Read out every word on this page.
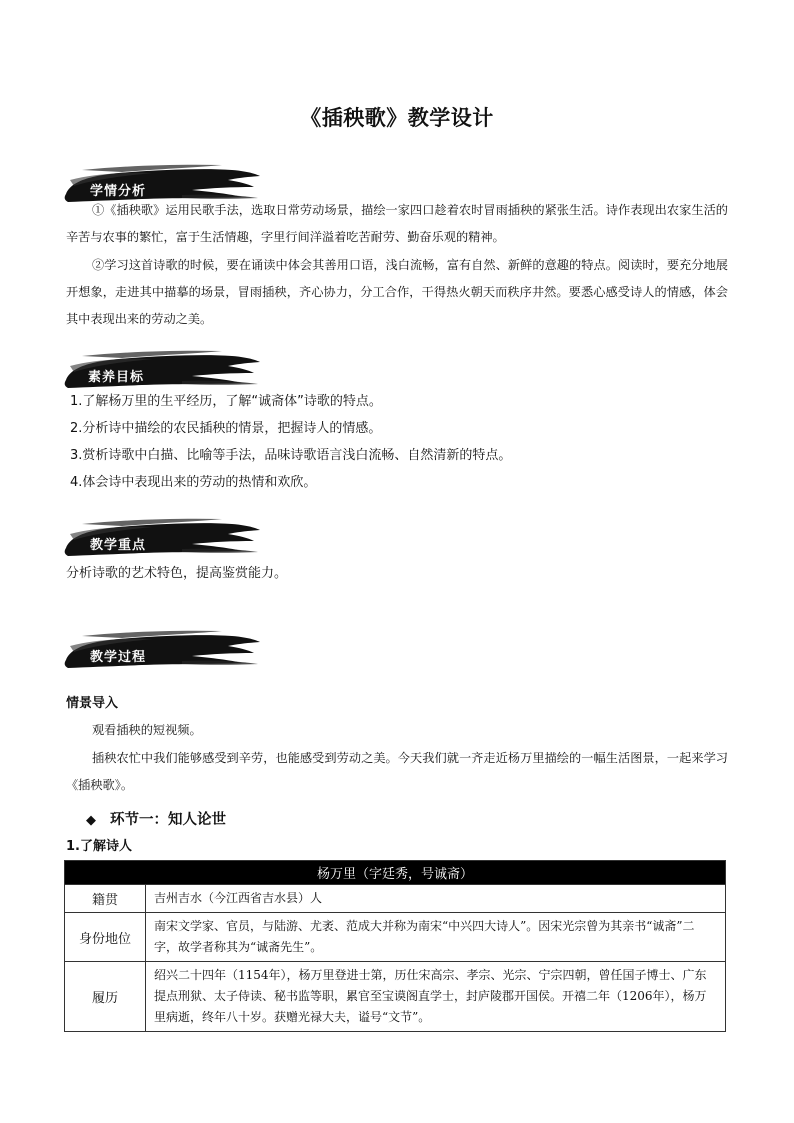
《插秧歌》教学设计
学情分析
①《插秧歌》运用民歌手法，选取日常劳动场景，描绘一家四口趁着农时冒雨插秧的紧张生活。诗作表现出农家生活的辛苦与农事的繁忙，富于生活情趣，字里行间洋溢着吃苦耐劳、勤奋乐观的精神。
②学习这首诗歌的时候，要在诵读中体会其善用口语，浅白流畅，富有自然、新鲜的意趣的特点。阅读时，要充分地展开想象，走进其中描摹的场景，冒雨插秧，齐心协力，分工合作，干得热火朝天而秩序井然。要悉心感受诗人的情感，体会其中表现出来的劳动之美。
素养目标
1.了解杨万里的生平经历，了解“诚斋体”诗歌的特点。
2.分析诗中描绘的农民插秧的情景，把握诗人的情感。
3.赏析诗歌中白描、比喻等手法，品味诗歌语言浅白流畅、自然清新的特点。
4.体会诗中表现出来的劳动的热情和欢欣。
教学重点
分析诗歌的艺术特色，提高鉴赏能力。
教学过程
情景导入
观看插秧的短视频。
插秧农忙中我们能够感受到辛劳，也能感受到劳动之美。今天我们就一齐走近杨万里描绘的一幅生活图景，一起来学习《插秧歌》。
◆ 环节一：知人论世
1.了解诗人
杨万里（字廷秀，号诚斋）	
籍贯	吉州吉水（今江西省吉水县）人
身份地位	南宋文学家、官员，与陆游、尤袤、范成大并称为南宋“中兴四大诗人”。因宋光宗曾为其亲书“诚斋”二字，故学者称其为“诚斋先生”。
履历	绍兴二十四年（1154年），杨万里登进士第，历仕宋高宗、孝宗、光宗、宁宗四朝，曾任国子博士、广东提点刑狱、太子侍读、秘书监等职，累官至宝谟阁直学士，封庐陵郡开国侯。开禧二年（1206年），杨万里病逝，终年八十岁。获赠光禄大夫，谥号“文节”。
